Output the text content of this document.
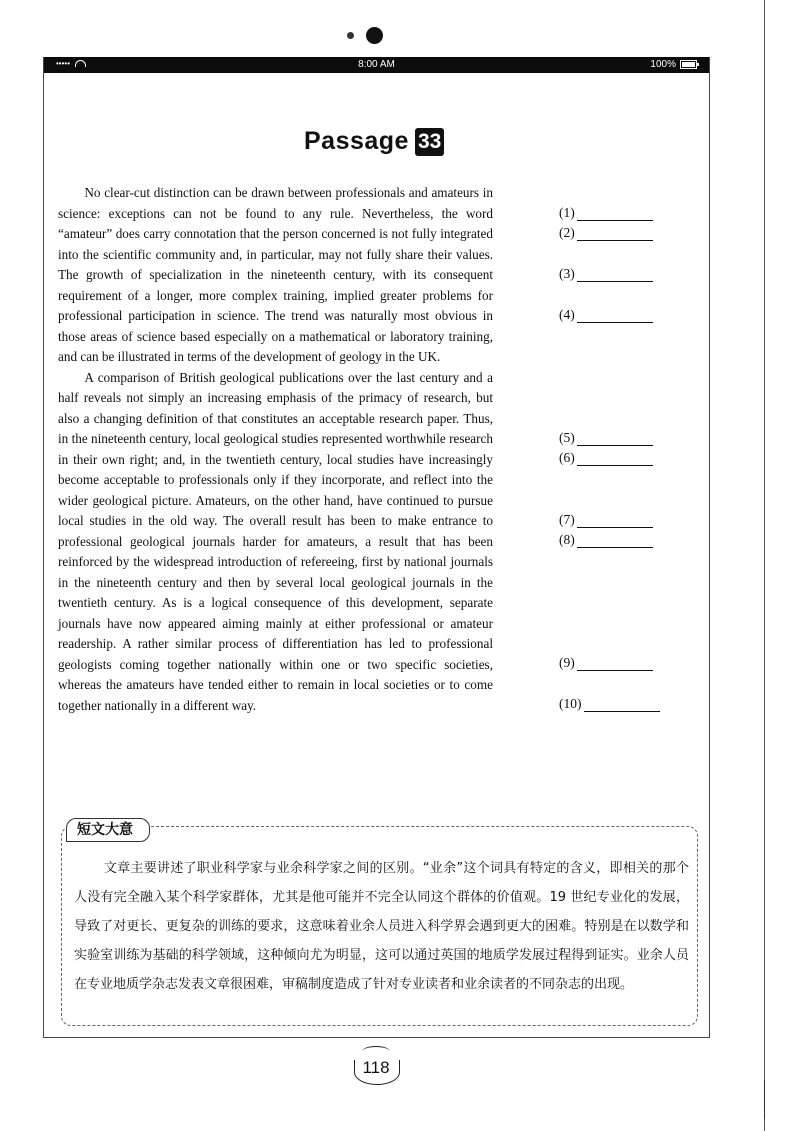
•••••	8:00 AM	100%
Passage 33

No clear-cut distinction can be drawn between professionals and amateurs in science: exceptions can not be found to any rule. Nevertheless, the word “amateur” does carry connotation that the person concerned is not fully integrated into the scientific community and, in particular, may not fully share their values. The growth of specialization in the nineteenth century, with its consequent requirement of a longer, more complex training, implied greater problems for professional participation in science. The trend was naturally most obvious in those areas of science based especially on a mathematical or laboratory training, and can be illustrated in terms of the development of geology in the UK.

A comparison of British geological publications over the last century and a half reveals not simply an increasing emphasis of the primacy of research, but also a changing definition of that constitutes an acceptable research paper. Thus, in the nineteenth century, local geological studies represented worthwhile research in their own right; and, in the twentieth century, local studies have increasingly become acceptable to professionals only if they incorporate, and reflect into the wider geological picture. Amateurs, on the other hand, have continued to pursue local studies in the old way. The overall result has been to make entrance to professional geological journals harder for amateurs, a result that has been reinforced by the widespread introduction of refereeing, first by national journals in the nineteenth century and then by several local geological journals in the twentieth century. As is a logical consequence of this development, separate journals have now appeared aiming mainly at either professional or amateur readership. A rather similar process of differentiation has led to professional geologists coming together nationally within one or two specific societies, whereas the amateurs have tended either to remain in local societies or to come together nationally in a different way.

(1)
(2)
(3)
(4)
(5)
(6)
(7)
(8)
(9)
(10)
短文大意

文章主要讲述了职业科学家与业余科学家之间的区别。“业余”这个词具有特定的含义，即相关的那个人没有完全融入某个科学家群体，尤其是他可能并不完全认同这个群体的价值观。19 世纪专业化的发展，导致了对更长、更复杂的训练的要求，这意味着业余人员进入科学界会遇到更大的困难。特别是在以数学和实验室训练为基础的科学领域，这种倾向尤为明显，这可以通过英国的地质学发展过程得到证实。业余人员在专业地质学杂志发表文章很困难，审稿制度造成了针对专业读者和业余读者的不同杂志的出现。

118
